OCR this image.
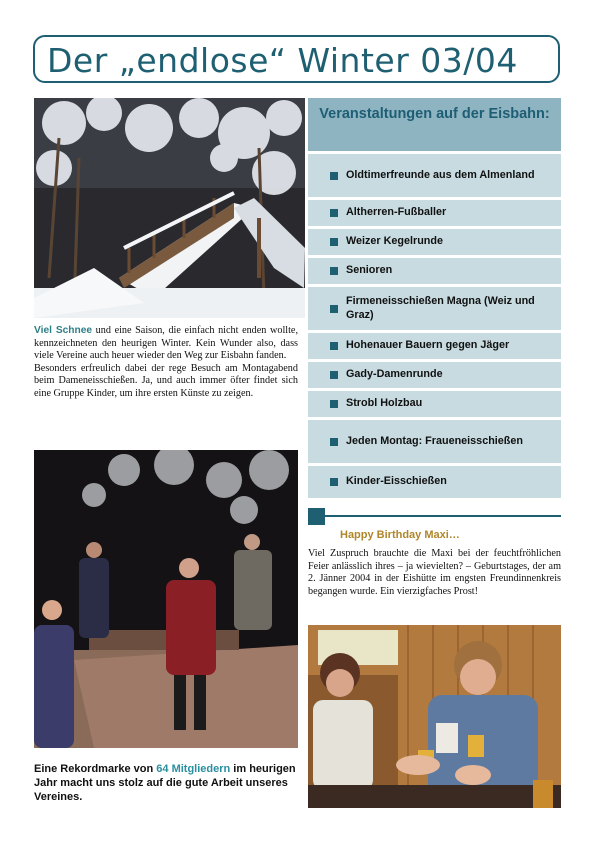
Der „endlose“ Winter 03/04

Viel Schnee und eine Saison, die einfach nicht enden wollte, kennzeichneten den heurigen Winter. Kein Wunder also, dass viele Vereine auch heuer wieder den Weg zur Eisbahn fanden.

Besonders erfreulich dabei der rege Besuch am Montagabend beim Dameneisschießen. Ja, und auch immer öfter findet sich eine Gruppe Kinder, um ihre ersten Künste zu zeigen.

Eine Rekordmarke von 64 Mitgliedern im heurigen Jahr macht uns stolz auf die gute Arbeit unseres Vereines.
Veranstaltungen auf der Eisbahn:
Oldtimerfreunde aus dem Almenland
Altherren-Fußballer
Weizer Kegelrunde
Senioren
Firmeneisschießen Magna (Weiz und Graz)
Hohenauer Bauern gegen Jäger
Gady-Damenrunde
Strobl Holzbau
Jeden Montag: Fraueneisschießen
Kinder-Eisschießen
Happy Birthday Maxi…
Viel Zuspruch brauchte die Maxi bei der feuchtfröhlichen Feier anlässlich ihres – ja wievielten? – Geburtstages, der am 2. Jänner 2004 in der Eishütte im engsten Freundinnenkreis begangen wurde. Ein vierzigfaches Prost!
